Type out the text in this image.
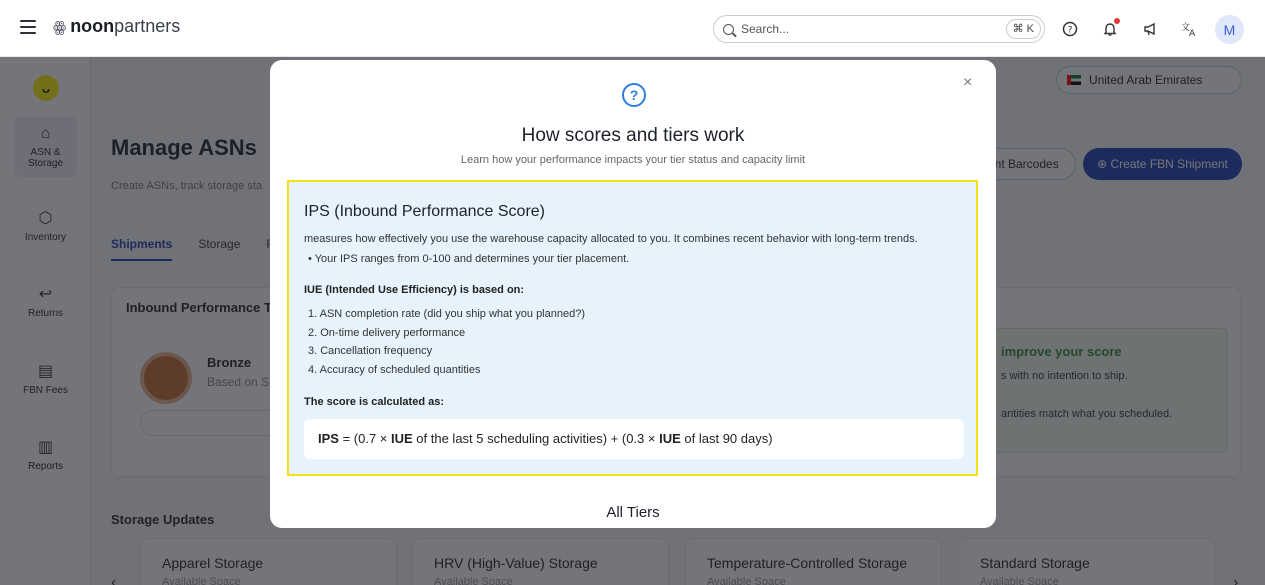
ꙮ noon partners
Search...	⌘ K	?	文
A	M

×
?
How scores and tiers work
Learn how your performance impacts your tier status and capacity limit
IPS (Inbound Performance Score)
measures how effectively you use the warehouse capacity allocated to you. It combines recent behavior with long-term trends.
• Your IPS ranges from 0-100 and determines your tier placement.
IUE (Intended Use Efficiency) is based on:
1. ASN completion rate (did you ship what you planned?)
2. On-time delivery performance
3. Cancellation frequency
4. Accuracy of scheduled quantities
The score is calculated as:
IPS = (0.7 × IUE of the last 5 scheduling activities) + (0.3 × IUE of last 90 days)
All Tiers
